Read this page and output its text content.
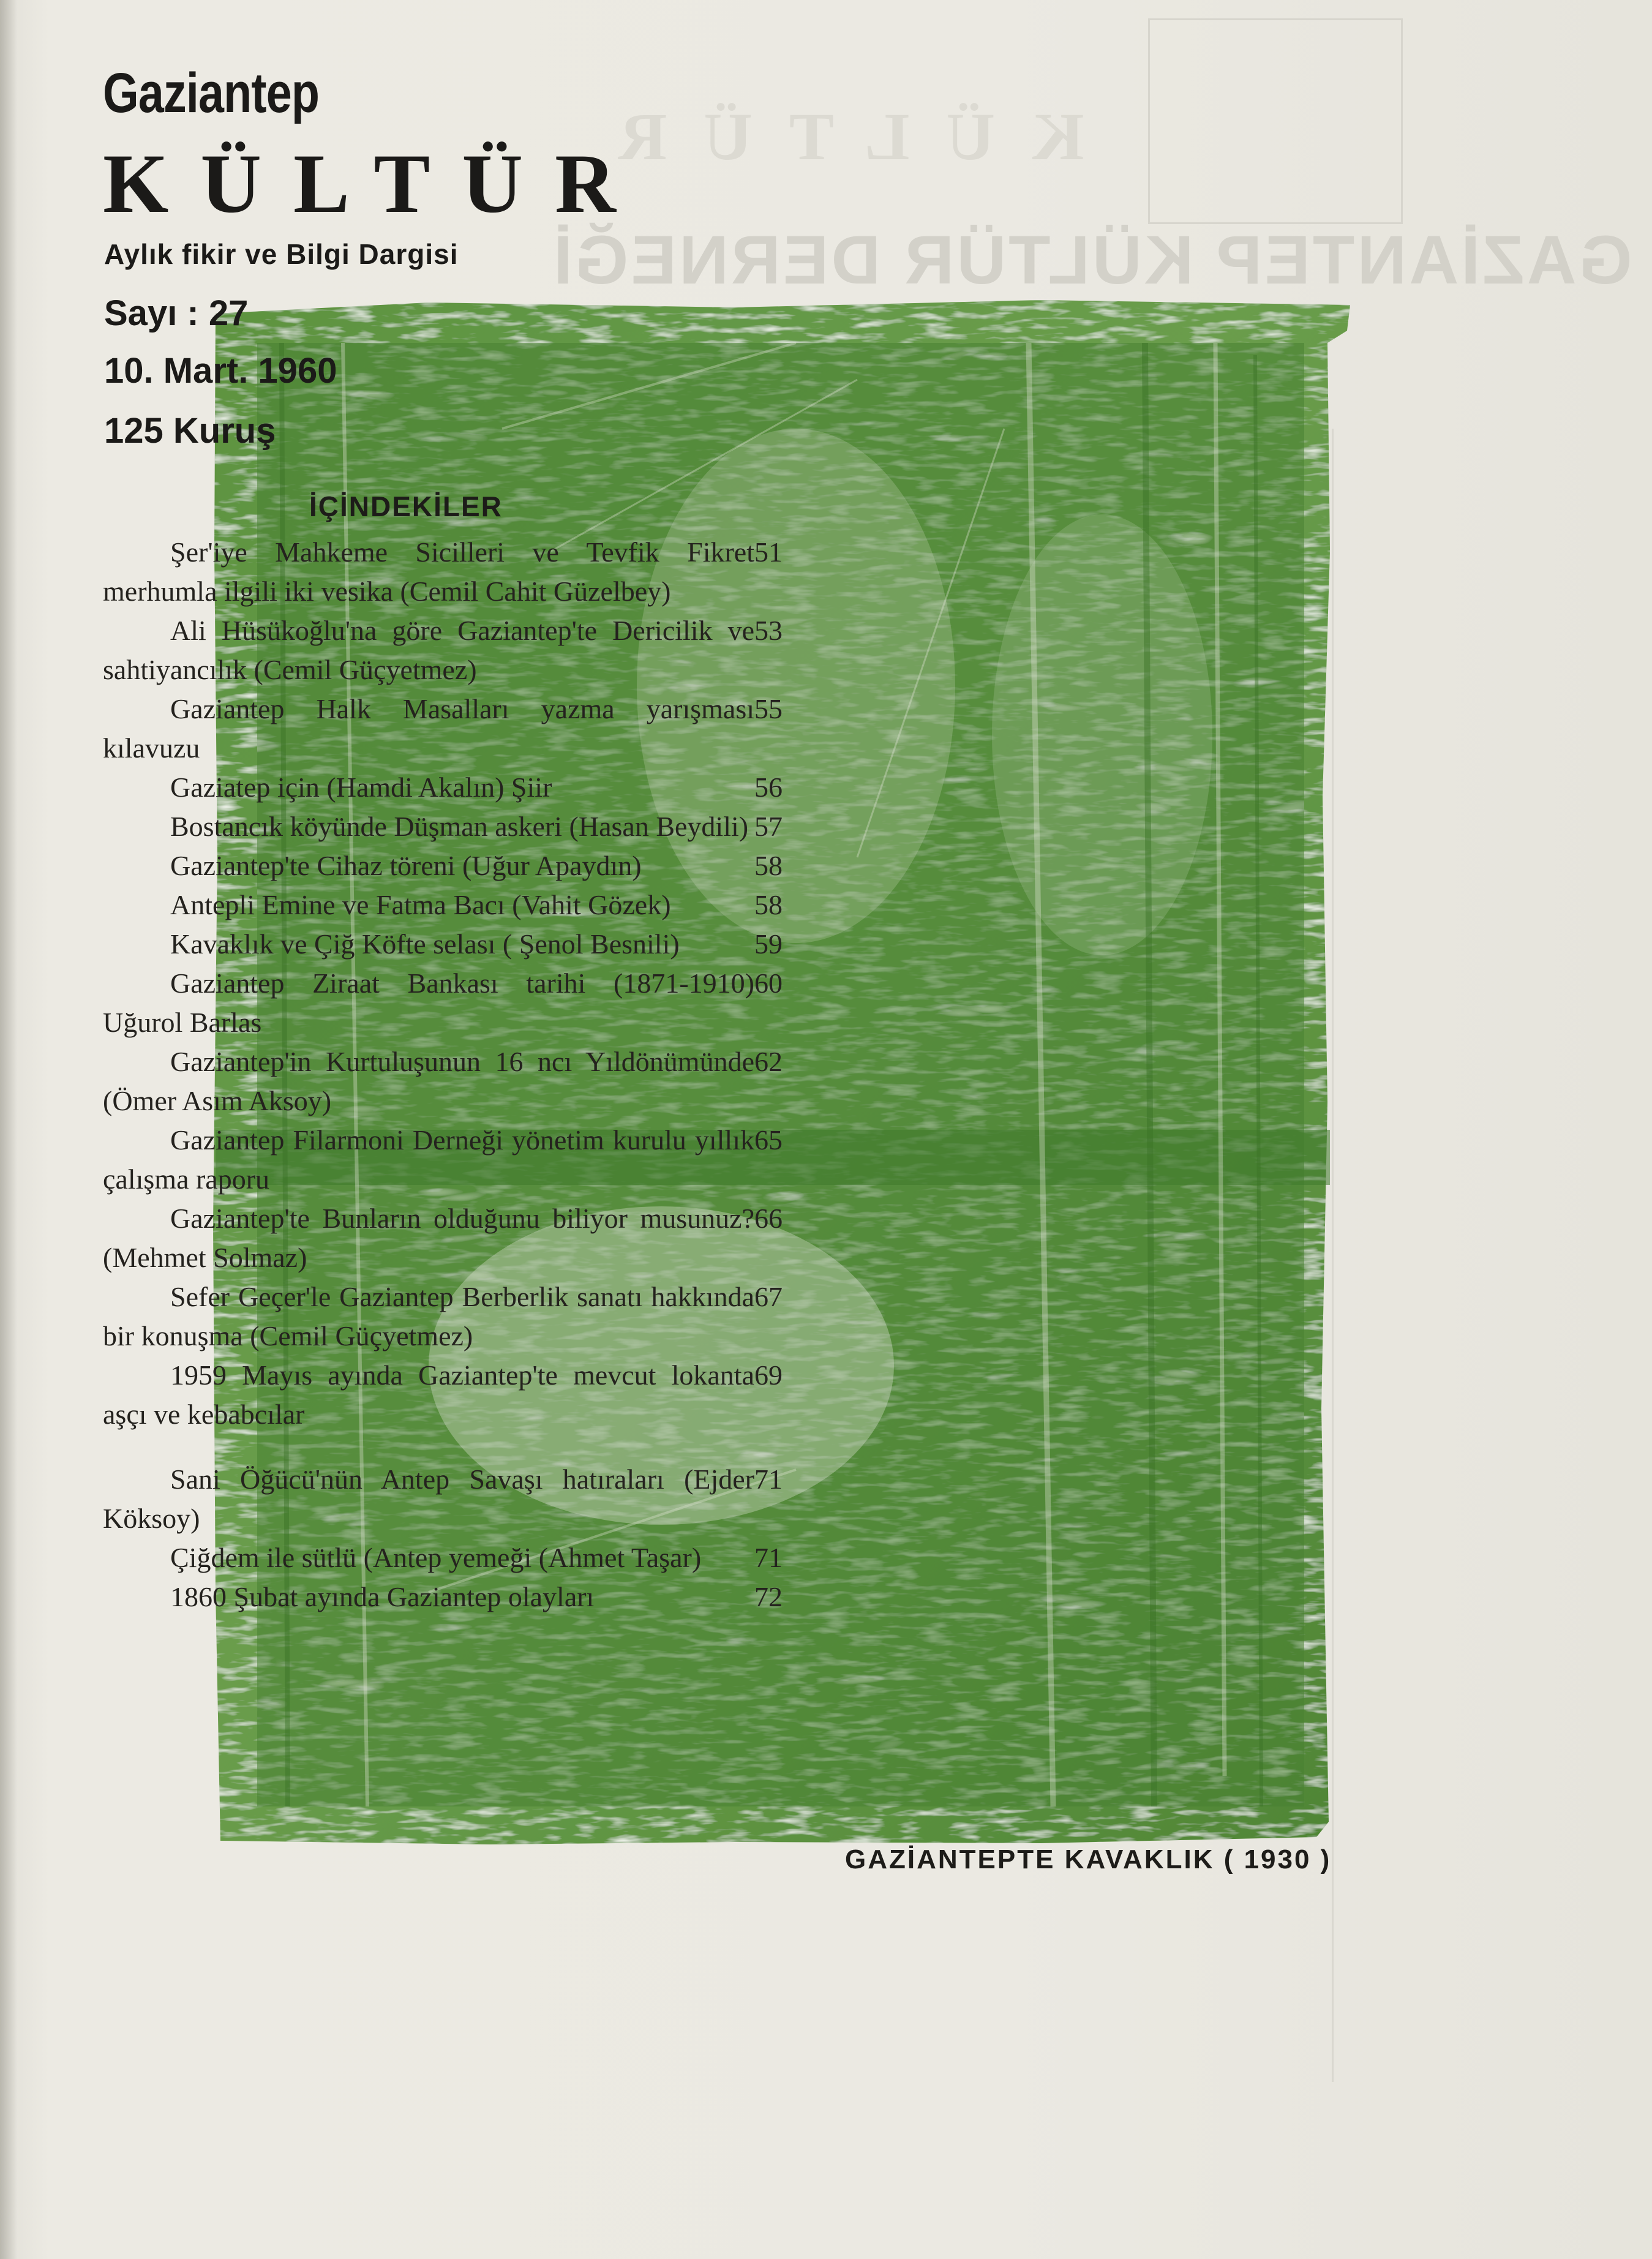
KÜLTÜR
GAZİANTEP KÜLTÜR DERNEĞİ
Gaziantep
KÜLTÜR
Aylık fikir ve Bilgi Dargisi
Sayı : 27
10. Mart. 1960
125 Kuruş
İÇİNDEKİLER
51
Şer'iye Mahkeme Sicilleri ve Tevfik Fikret merhumla ilgili iki vesika (Cemil Cahit Güzelbey)
53
Ali Hüsükoğlu'na göre Gaziantep'te Dericilik ve sahtiyancılık (Cemil Güçyetmez)
55
Gaziantep Halk Masalları yazma yarışması kılavuzu
56
Gaziatep için (Hamdi Akalın) Şiir
57
Bostancık köyünde Düşman askeri (Hasan Beydili)
58
Gaziantep'te Cihaz töreni (Uğur Apaydın)
58
Antepli Emine ve Fatma Bacı (Vahit Gözek)
59
Kavaklık ve Çiğ Köfte selası ( Şenol Besnili)
60
Gaziantep Ziraat Bankası tarihi (1871-1910) Uğurol Barlas
62
Gaziantep'in Kurtuluşunun 16 ncı Yıldönümünde (Ömer Asım Aksoy)
65
Gaziantep Filarmoni Derneği yönetim kurulu yıllık çalışma raporu
66
Gaziantep'te Bunların olduğunu biliyor musunuz? (Mehmet Solmaz)
67
Sefer Geçer'le Gaziantep Berberlik sanatı hakkında bir konuşma (Cemil Güçyetmez)
69
1959 Mayıs ayında Gaziantep'te mevcut lokanta aşçı ve kebabcılar
71
Sani Öğücü'nün Antep Savaşı hatıraları (Ejder Köksoy)
71
Çiğdem ile sütlü (Antep yemeği (Ahmet Taşar)
72
1860 Şubat ayında Gaziantep olayları
GAZİANTEPTE KAVAKLIK ( 1930 )
